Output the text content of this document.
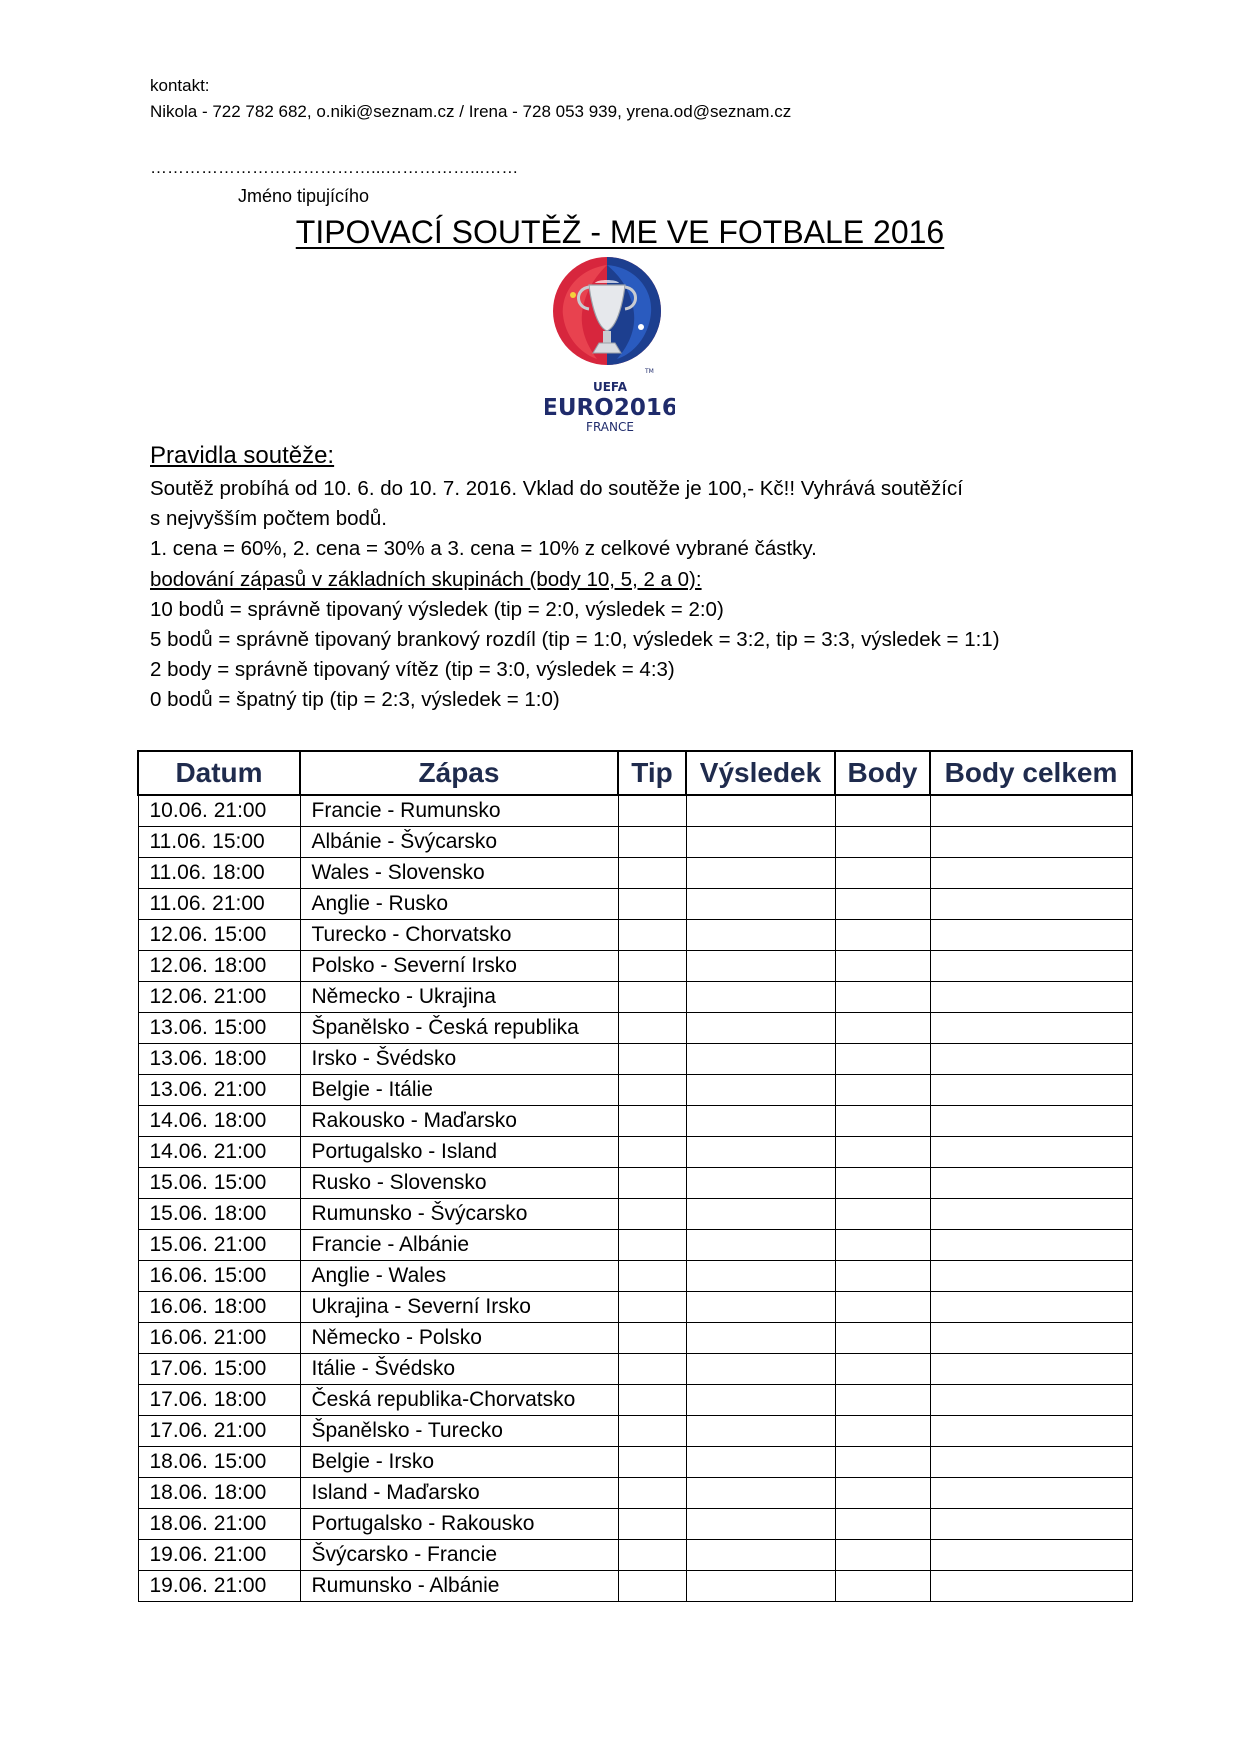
kontakt:
Nikola - 722 782 682, o.niki@seznam.cz / Irena - 728 053 939, yrena.od@seznam.cz
…………………………………...……………...……
Jméno tipujícího
TIPOVACÍ SOUTĚŽ - ME VE FOTBALE 2016
TM
UEFA
EURO2016
FRANCE
Pravidla soutěže:
Soutěž probíhá od 10. 6. do 10. 7. 2016. Vklad do soutěže je 100,- Kč!! Vyhrává soutěžící
s nejvyšším počtem bodů.
1. cena = 60%, 2. cena = 30% a 3. cena = 10% z celkové vybrané částky.
bodování zápasů v základních skupinách (body 10, 5, 2 a 0):
10 bodů = správně tipovaný výsledek (tip = 2:0, výsledek = 2:0)
5 bodů = správně tipovaný brankový rozdíl (tip = 1:0, výsledek = 3:2, tip = 3:3, výsledek = 1:1)
2 body = správně tipovaný vítěz (tip = 3:0, výsledek = 4:3)
0 bodů = špatný tip (tip = 2:3, výsledek = 1:0)
Datum	Zápas	Tip	Výsledek	Body	Body celkem
10.06. 21:00	Francie - Rumunsko				
11.06. 15:00	Albánie - Švýcarsko				
11.06. 18:00	Wales - Slovensko				
11.06. 21:00	Anglie - Rusko				
12.06. 15:00	Turecko - Chorvatsko				
12.06. 18:00	Polsko - Severní Irsko				
12.06. 21:00	Německo - Ukrajina				
13.06. 15:00	Španělsko - Česká republika				
13.06. 18:00	Irsko - Švédsko				
13.06. 21:00	Belgie - Itálie				
14.06. 18:00	Rakousko - Maďarsko				
14.06. 21:00	Portugalsko - Island				
15.06. 15:00	Rusko - Slovensko				
15.06. 18:00	Rumunsko - Švýcarsko				
15.06. 21:00	Francie - Albánie				
16.06. 15:00	Anglie - Wales				
16.06. 18:00	Ukrajina - Severní Irsko				
16.06. 21:00	Německo - Polsko				
17.06. 15:00	Itálie - Švédsko				
17.06. 18:00	Česká republika-Chorvatsko				
17.06. 21:00	Španělsko - Turecko				
18.06. 15:00	Belgie - Irsko				
18.06. 18:00	Island - Maďarsko				
18.06. 21:00	Portugalsko - Rakousko				
19.06. 21:00	Švýcarsko - Francie				
19.06. 21:00	Rumunsko - Albánie				
